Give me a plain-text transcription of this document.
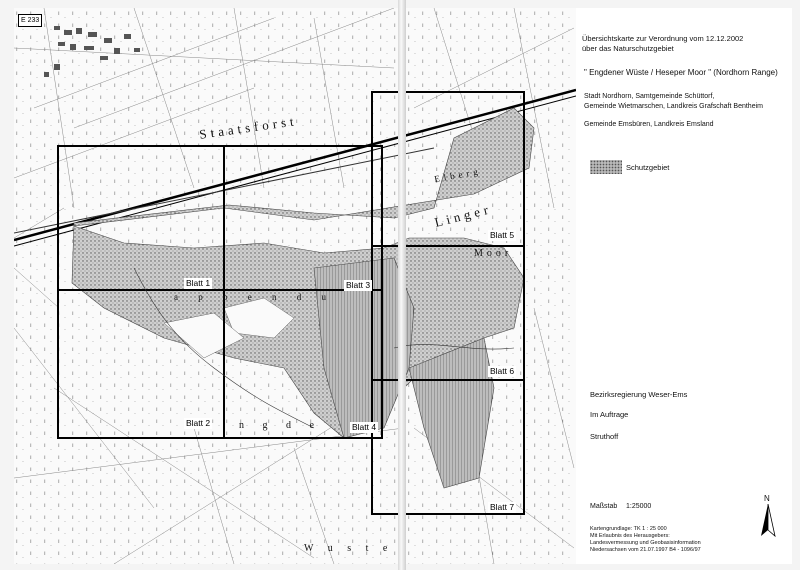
E 233
Staatsforst
Linger
Moor
n g d e
W u s t e
Elberg
a p p e n d u
Blatt 1
Blatt 2
Blatt 3
Blatt 4
Blatt 5
Blatt 6
Blatt 7
Übersichtskarte zur Verordnung vom 12.12.2002
über das Naturschutzgebiet
" Engdener Wüste / Heseper Moor " (Nordhorn Range)
Stadt Nordhorn, Samtgemeinde Schüttorf,
Gemeinde Wietmarschen, Landkreis Grafschaft Bentheim
Gemeinde Emsbüren, Landkreis Emsland
Schutzgebiet
Bezirksregierung Weser-Ems
Im Auftrage
Struthoff
Maßstab 1:25000
Kartengrundlage: TK 1 : 25 000
Mit Erlaubnis des Herausgebers:
Landesvermessung und Geobasisinformation
Niedersachsen vom 21.07.1997 B4 - 1096/97
N
